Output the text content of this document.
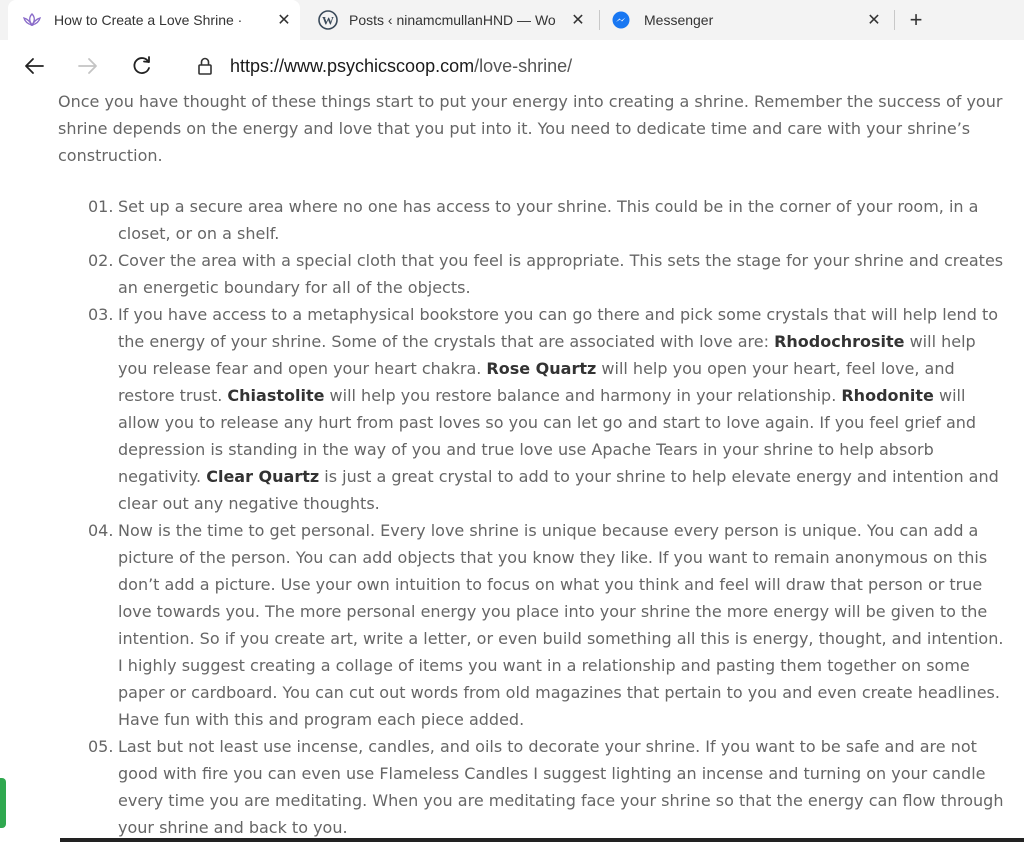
How to Create a Love Shrine ·	✕	W Posts ‹ ninamcmullanHND — Wo ✕	Messenger	✕	+
https://www.psychicscoop.com/love-shrine/

Once you have thought of these things start to put your energy into creating a shrine. Remember the success of your shrine depends on the energy and love that you put into it. You need to dedicate time and care with your shrine’s construction.

01. Set up a secure area where no one has access to your shrine. This could be in the corner of your room, in a closet, or on a shelf.
02. Cover the area with a special cloth that you feel is appropriate. This sets the stage for your shrine and creates an energetic boundary for all of the objects.
03. If you have access to a metaphysical bookstore you can go there and pick some crystals that will help lend to the energy of your shrine. Some of the crystals that are associated with love are: Rhodochrosite will help you release fear and open your heart chakra. Rose Quartz will help you open your heart, feel love, and restore trust. Chiastolite will help you restore balance and harmony in your relationship. Rhodonite will allow you to release any hurt from past loves so you can let go and start to love again. If you feel grief and depression is standing in the way of you and true love use Apache Tears in your shrine to help absorb negativity. Clear Quartz is just a great crystal to add to your shrine to help elevate energy and intention and clear out any negative thoughts.
04. Now is the time to get personal. Every love shrine is unique because every person is unique. You can add a picture of the person. You can add objects that you know they like. If you want to remain anonymous on this don’t add a picture. Use your own intuition to focus on what you think and feel will draw that person or true love towards you. The more personal energy you place into your shrine the more energy will be given to the intention. So if you create art, write a letter, or even build something all this is energy, thought, and intention. I highly suggest creating a collage of items you want in a relationship and pasting them together on some paper or cardboard. You can cut out words from old magazines that pertain to you and even create headlines. Have fun with this and program each piece added.
05. Last but not least use incense, candles, and oils to decorate your shrine. If you want to be safe and are not good with fire you can even use Flameless Candles I suggest lighting an incense and turning on your candle every time you are meditating. When you are meditating face your shrine so that the energy can flow through your shrine and back to you.
